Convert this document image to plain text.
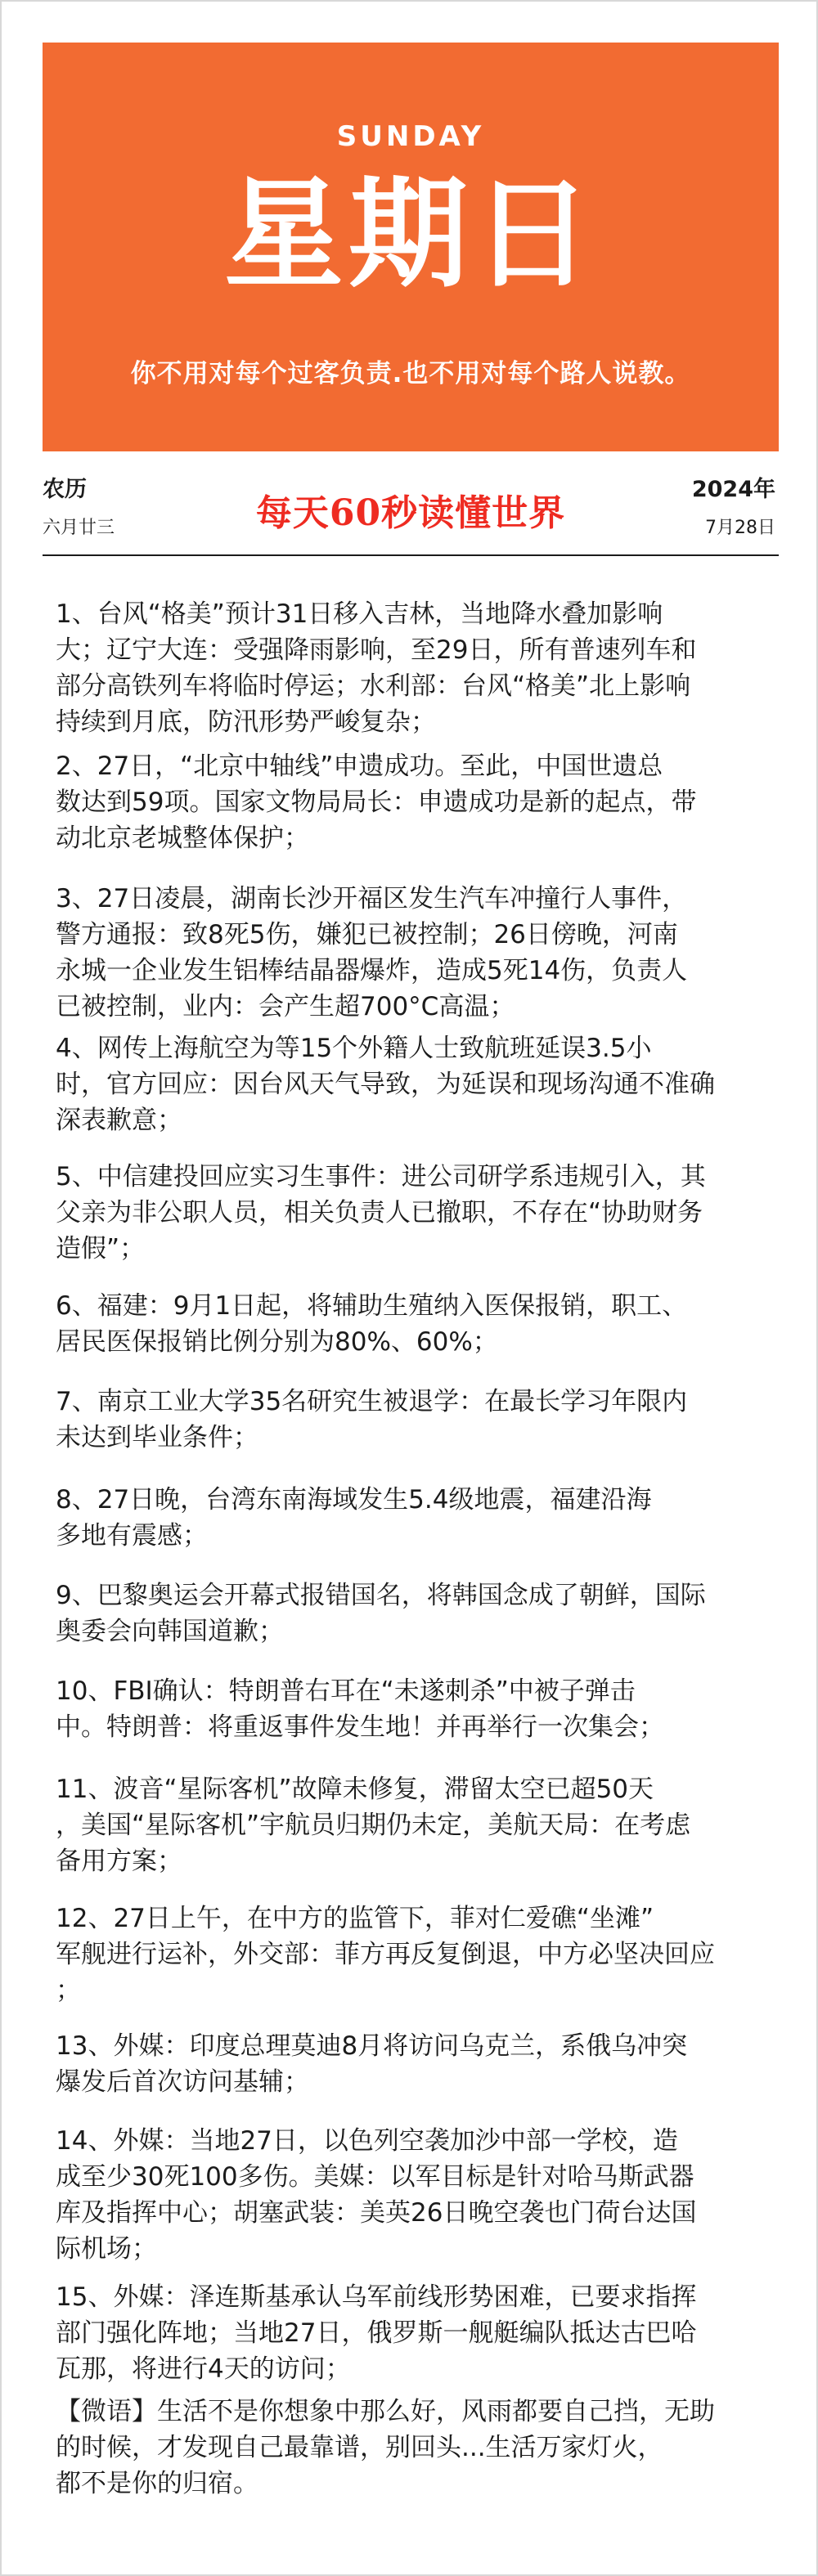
SUNDAY
星期日
你不用对每个过客负责.也不用对每个路人说教。
农历
六月廿三	每天60秒读懂世界
2024年
7月28日

1、台风“格美”预计31日移入吉林，当地降水叠加影响
大；辽宁大连：受强降雨影响，至29日，所有普速列车和
部分高铁列车将临时停运；水利部：台风“格美”北上影响
持续到月底，防汛形势严峻复杂；

2、27日，“北京中轴线”申遗成功。至此，中国世遗总
数达到59项。国家文物局局长：申遗成功是新的起点，带
动北京老城整体保护；

3、27日凌晨，湖南长沙开福区发生汽车冲撞行人事件，
警方通报：致8死5伤，嫌犯已被控制；26日傍晚，河南
永城一企业发生铝棒结晶器爆炸，造成5死14伤，负责人
已被控制，业内：会产生超700°C高温；

4、网传上海航空为等15个外籍人士致航班延误3.5小
时，官方回应：因台风天气导致，为延误和现场沟通不准确
深表歉意；

5、中信建投回应实习生事件：进公司研学系违规引入，其
父亲为非公职人员，相关负责人已撤职，不存在“协助财务
造假”；

6、福建：9月1日起，将辅助生殖纳入医保报销，职工、
居民医保报销比例分别为80%、60%；

7、南京工业大学35名研究生被退学：在最长学习年限内
未达到毕业条件；

8、27日晚，台湾东南海域发生5.4级地震，福建沿海
多地有震感；

9、巴黎奥运会开幕式报错国名，将韩国念成了朝鲜，国际
奥委会向韩国道歉；

10、FBI确认：特朗普右耳在“未遂刺杀”中被子弹击
中。特朗普：将重返事件发生地！并再举行一次集会；

11、波音“星际客机”故障未修复，滞留太空已超50天
，美国“星际客机”宇航员归期仍未定，美航天局：在考虑
备用方案；

12、27日上午，在中方的监管下，菲对仁爱礁“坐滩”
军舰进行运补，外交部：菲方再反复倒退，中方必坚决回应
；

13、外媒：印度总理莫迪8月将访问乌克兰，系俄乌冲突
爆发后首次访问基辅；

14、外媒：当地27日，以色列空袭加沙中部一学校，造
成至少30死100多伤。美媒：以军目标是针对哈马斯武器
库及指挥中心；胡塞武装：美英26日晚空袭也门荷台达国
际机场；

15、外媒：泽连斯基承认乌军前线形势困难，已要求指挥
部门强化阵地；当地27日，俄罗斯一舰艇编队抵达古巴哈
瓦那，将进行4天的访问；

【微语】生活不是你想象中那么好，风雨都要自己挡，无助
的时候，才发现自己最靠谱，别回头...生活万家灯火，
都不是你的归宿。
